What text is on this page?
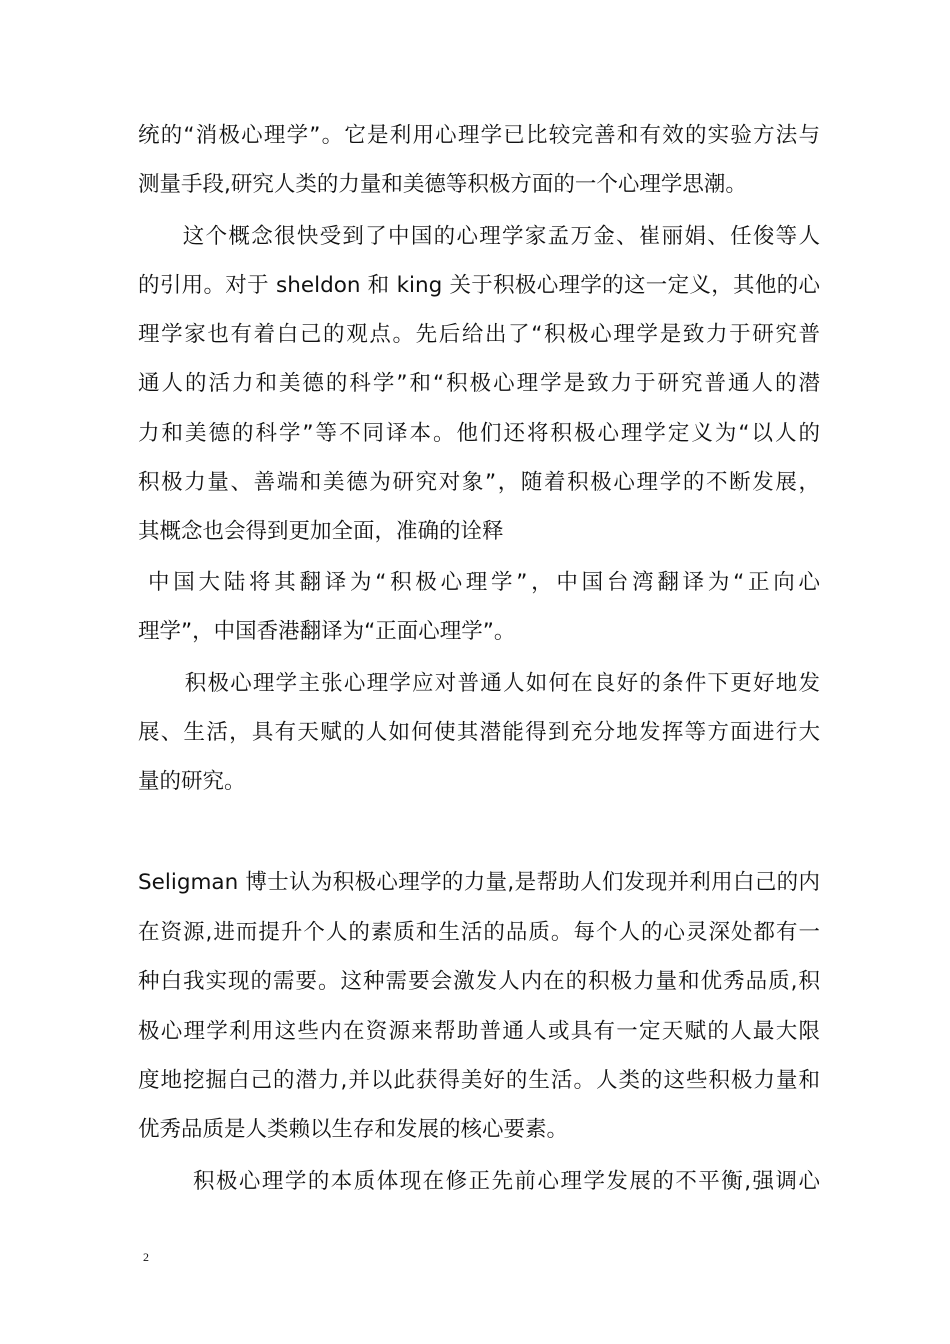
统的“消极心理学”。它是利用心理学已比较完善和有效的实验方法与
测量手段,研究人类的力量和美德等积极方面的一个心理学思潮。
　这个概念很快受到了中国的心理学家孟万金、崔丽娟、任俊等人
的引用。对于 sheldon 和 king 关于积极心理学的这一定义，其他的心
理学家也有着白己的观点。先后给出了“积极心理学是致力于研究普
通人的活力和美德的科学”和“积极心理学是致力于研究普通人的潜
力和美德的科学”等不同译本。他们还将积极心理学定义为“以人的
积极力量、善端和美德为研究对象”，随着积极心理学的不断发展，
其概念也会得到更加全面，准确的诠释
中国大陆将其翻译为“积极心理学”，中国台湾翻译为“正向心
理学”，中国香港翻译为“正面心理学”。
　积极心理学主张心理学应对普通人如何在良好的条件下更好地发
展、生活，具有天赋的人如何使其潜能得到充分地发挥等方面进行大
量的研究。
Seligman 博士认为积极心理学的力量,是帮助人们发现并利用白己的内
在资源,进而提升个人的素质和生活的品质。每个人的心灵深处都有一
种白我实现的需要。这种需要会激发人内在的积极力量和优秀品质,积
极心理学利用这些内在资源来帮助普通人或具有一定天赋的人最大限
度地挖掘白己的潜力,并以此获得美好的生活。人类的这些积极力量和
优秀品质是人类赖以生存和发展的核心要素。
　积极心理学的本质体现在修正先前心理学发展的不平衡,强调心
2
